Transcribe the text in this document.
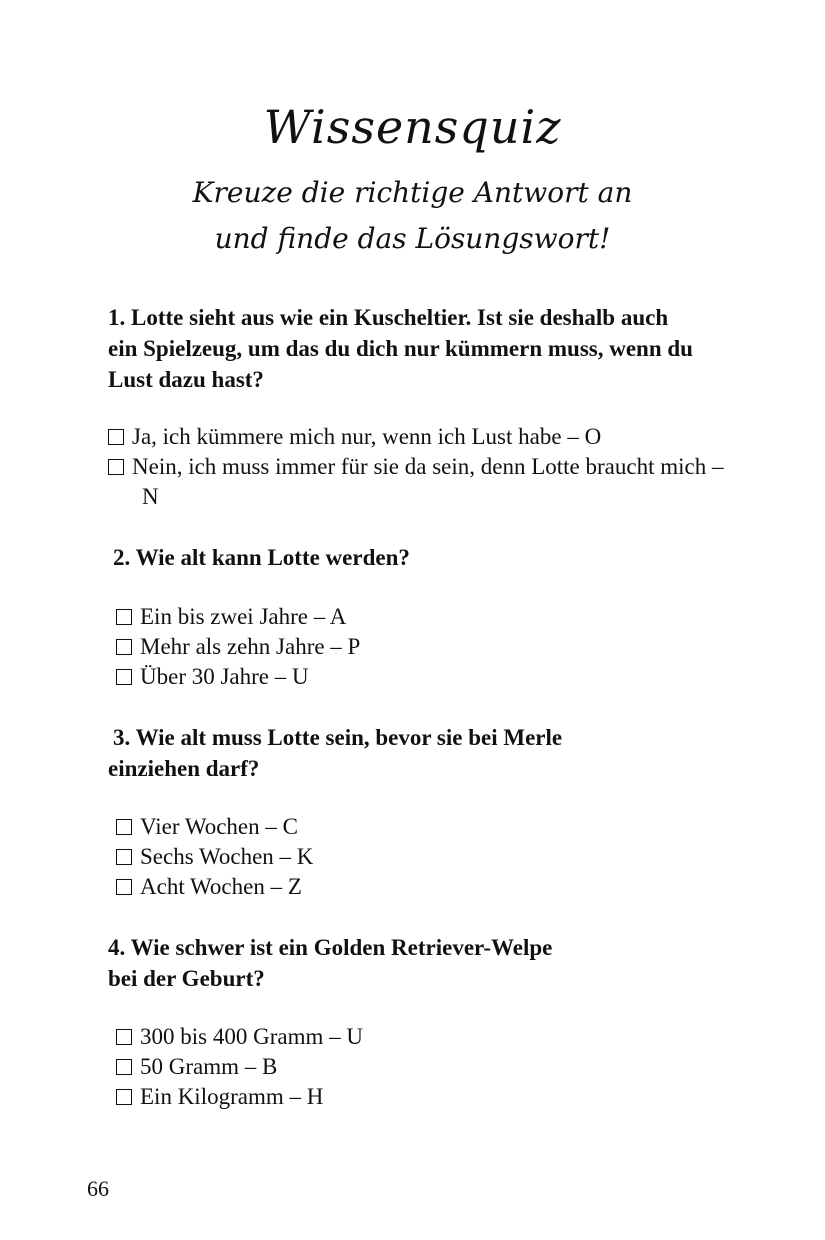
Wissensquiz
Kreuze die richtige Antwort an
und finde das Lösungswort!
1. Lotte sieht aus wie ein Kuscheltier. Ist sie deshalb auch
ein Spielzeug, um das du dich nur kümmern muss, wenn du
Lust dazu hast?
Ja, ich kümmere mich nur, wenn ich Lust habe – O
Nein, ich muss immer für sie da sein, denn Lotte braucht mich – N
2. Wie alt kann Lotte werden?
Ein bis zwei Jahre – A
Mehr als zehn Jahre – P
Über 30 Jahre – U
3. Wie alt muss Lotte sein, bevor sie bei Merle
einziehen darf?
Vier Wochen – C
Sechs Wochen – K
Acht Wochen – Z
4. Wie schwer ist ein Golden Retriever-Welpe
bei der Geburt?
300 bis 400 Gramm – U
50 Gramm – B
Ein Kilogramm – H
66
